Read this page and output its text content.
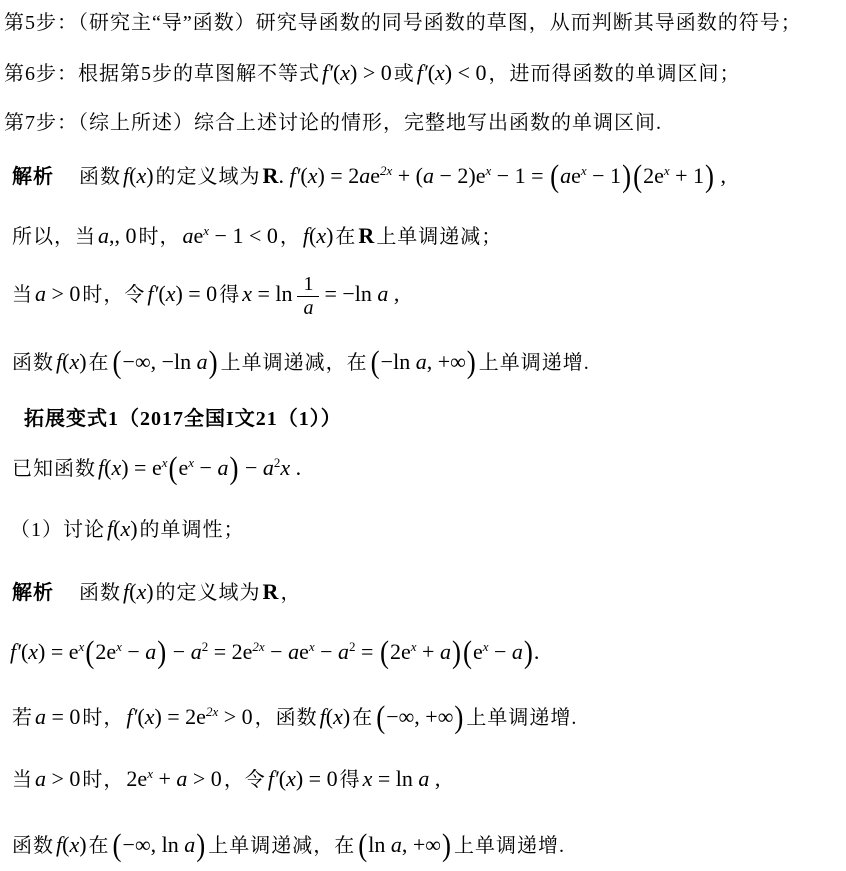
第5步：（研究主“导”函数）研究导函数的同号函数的草图，从而判断其导函数的符号；
第6步：根据第5步的草图解不等式f′(x) > 0 或f′(x) < 0 ，进而得函数的单调区间；
第7步：（综上所述）综合上述讨论的情形，完整地写出函数的单调区间.
解析　函数f(x) 的定义域为R. $f'(x) = 2ae^{2x} + (a - 2)e^x - 1 = (ae^x - 1)(2e^x + 1)$ ,
所以，当a,, 0 时，$ae^x - 1 < 0$ ，f(x) 在R 上单调递减；
当a > 0 时，令f′(x) = 0 得$x = \ln \frac{1}{a} = -\ln$ a ,
函数f(x) 在 (−∞, −ln a) 上单调递减，在 (−ln a, +∞) 上单调递增.
拓展变式1（2017全国I文21（1））
已知函数$f(x) = e^x(e^x - a) - a^2x$ .
（1）讨论f(x) 的单调性；
解析　函数f(x) 的定义域为R ，
$f'(x) = e^x(2e^x - a) - a^2 = 2e^{2x} - ae^x - a^2 = (2e^x + a)(e^x - a)$.
若a = 0 时，$f'(x) = 2e^{2x} > 0$ ，函数f(x) 在 (−∞, +∞) 上单调递增.
当a > 0 时，$2e^x + a > 0$ ，令f′(x) = 0 得x = ln a ,
函数f(x) 在 (−∞, ln a) 上单调递减，在 (ln a, +∞) 上单调递增.
